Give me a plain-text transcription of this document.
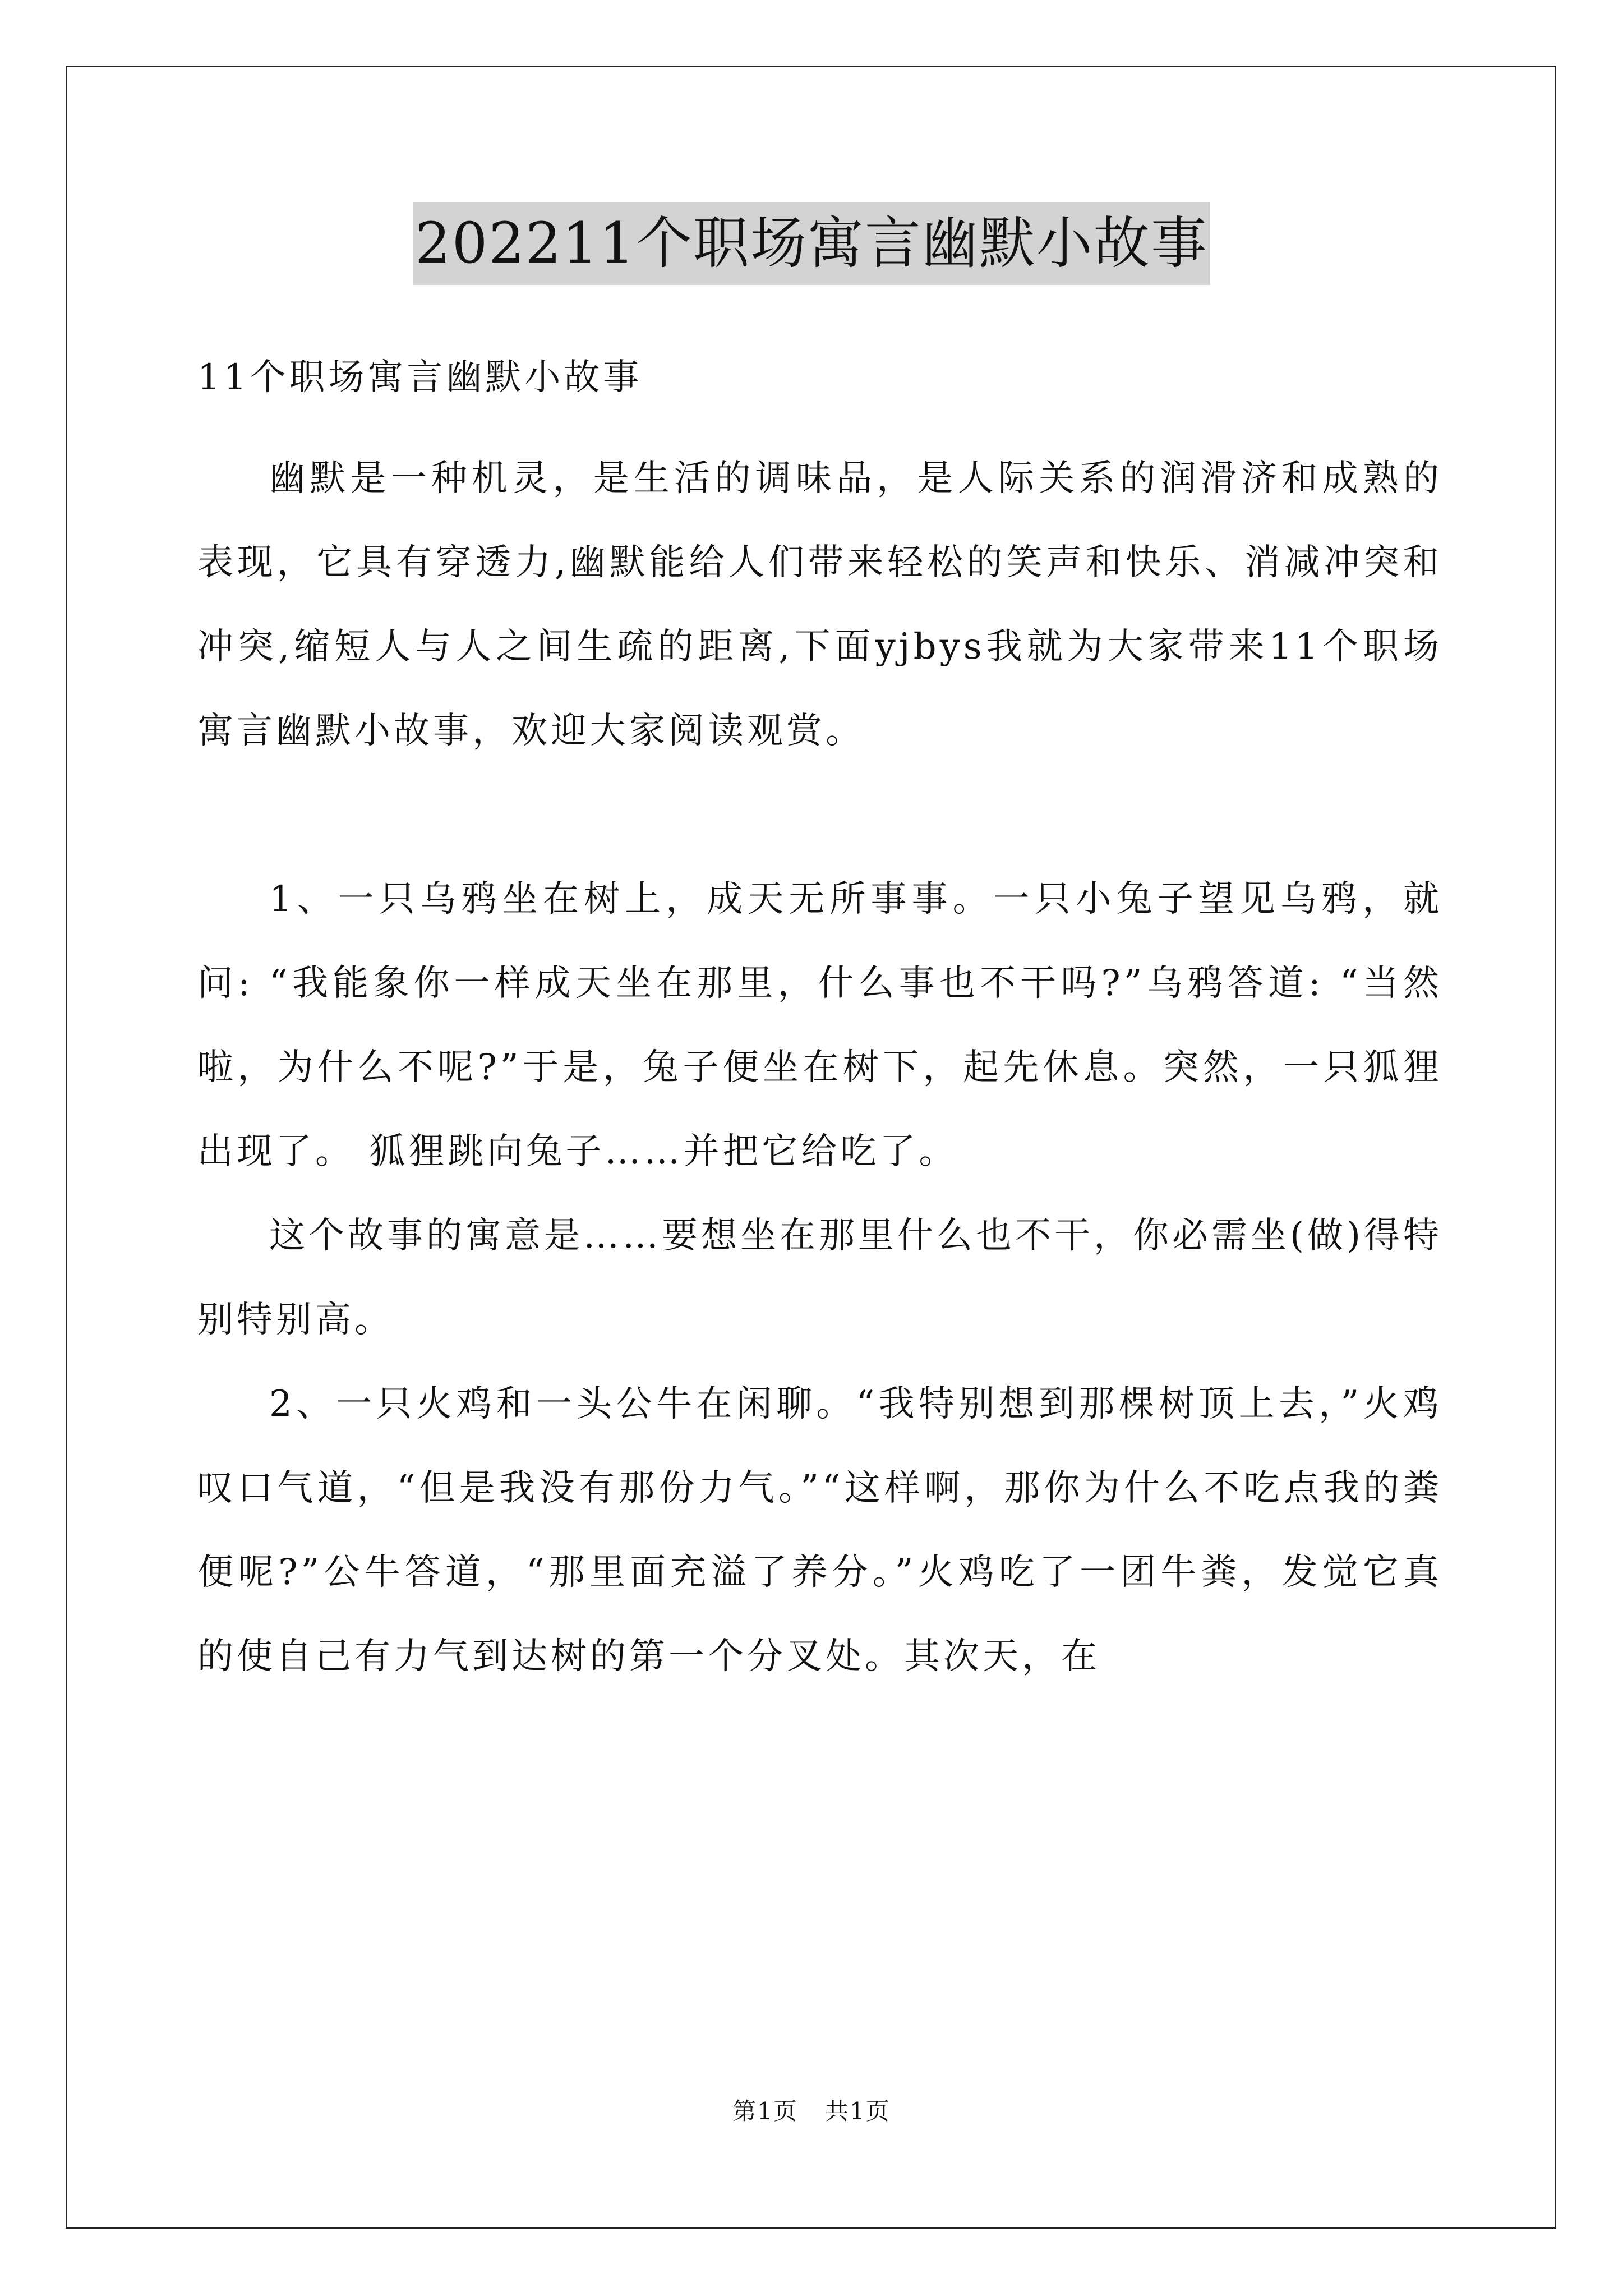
202211个职场寓言幽默小故事

11个职场寓言幽默小故事

幽默是一种机灵，是生活的调味品，是人际关系的润滑济和成熟的表现，它具有穿透力,幽默能给人们带来轻松的笑声和快乐、消减冲突和冲突,缩短人与人之间生疏的距离,下面yjbys我就为大家带来11个职场寓言幽默小故事，欢迎大家阅读观赏。

1、一只乌鸦坐在树上，成天无所事事。一只小兔子望见乌鸦，就问: “我能象你一样成天坐在那里，什么事也不干吗?”乌鸦答道: “当然啦，为什么不呢?”于是，兔子便坐在树下，起先休息。突然，一只狐狸出现了。 狐狸跳向兔子……并把它给吃了。

这个故事的寓意是……要想坐在那里什么也不干，你必需坐(做)得特别特别高。

2、一只火鸡和一头公牛在闲聊。“我特别想到那棵树顶上去，”火鸡叹口气道，“但是我没有那份力气。”“这样啊，那你为什么不吃点我的粪便呢?”公牛答道，“那里面充溢了养分。”火鸡吃了一团牛粪，发觉它真的使自己有力气到达树的第一个分叉处。其次天，在

第1页 共1页
